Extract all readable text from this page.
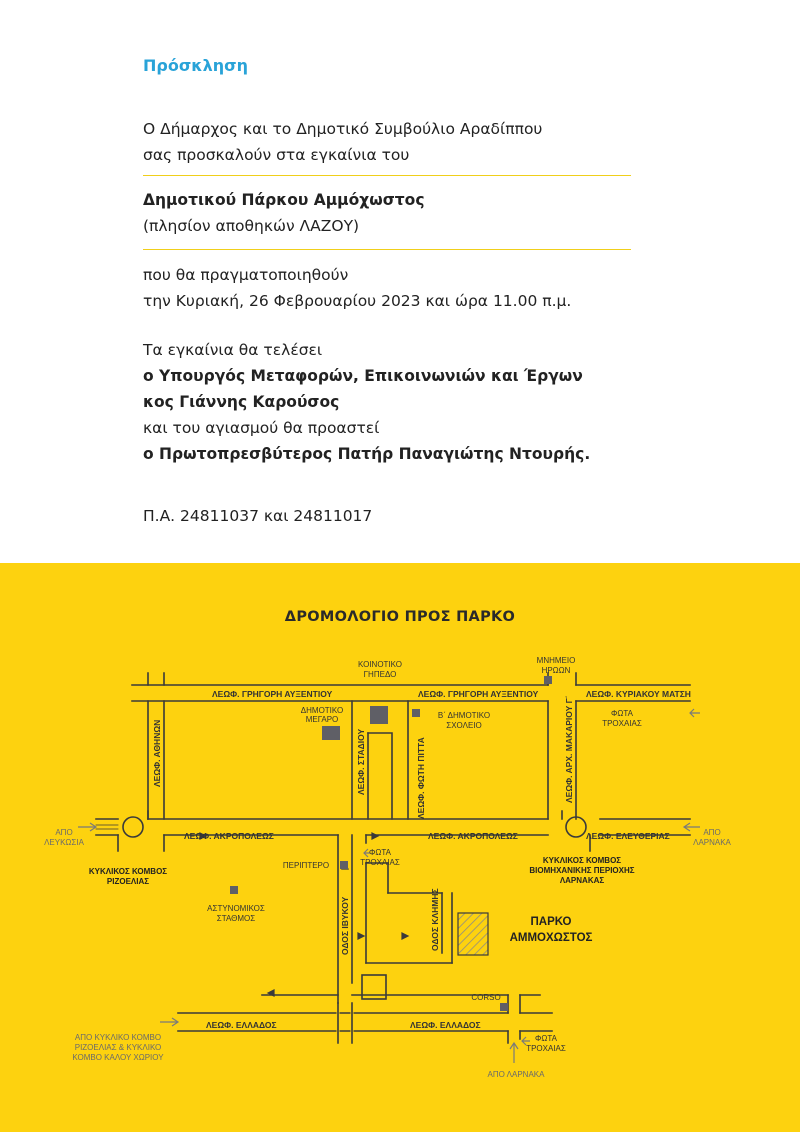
Πρόσκληση

Ο Δήμαρχος και το Δημοτικό Συμβούλιο Αραδίππου

σας προσκαλούν στα εγκαίνια του

Δημοτικού Πάρκου Αμμόχωστος

(πλησίον αποθηκών ΛΑΖΟΥ)

που θα πραγματοποιηθούν

την Κυριακή, 26 Φεβρουαρίου 2023 και ώρα 11.00 π.μ.

Τα εγκαίνια θα τελέσει

ο Υπουργός Μεταφορών, Επικοινωνιών και Έργων

κος Γιάννης Καρούσος

και του αγιασμού θα προαστεί

ο Πρωτοπρεσβύτερος Πατήρ Παναγιώτης Ντουρής.

Π.Α. 24811037 και 24811017

ΔΡΟΜΟΛΟΓΙΟ ΠΡΟΣ ΠΑΡΚΟ
ΛΕΩΦ. ΓΡΗΓΟΡΗ ΑΥΞΕΝΤΙΟΥ	ΛΕΩΦ. ΓΡΗΓΟΡΗ ΑΥΞΕΝΤΙΟΥ	ΛΕΩΦ. ΚΥΡΙΑΚΟΥ ΜΑΤΣΗ
ΛΕΩΦ. ΑΚΡΟΠΟΛΕΩΣ	ΛΕΩΦ. ΑΚΡΟΠΟΛΕΩΣ	ΛΕΩΦ. ΕΛΕΥΘΕΡΙΑΣ
ΛΕΩΦ. ΕΛΛΑΔΟΣ	ΛΕΩΦ. ΕΛΛΑΔΟΣ
ΛΕΩΦ. ΑΘΗΝΩΝ	ΛΕΩΦ. ΣΤΑΔΙΟΥ	ΛΕΩΦ. ΦΩΤΗ ΠΙΤΤΑ	ΛΕΩΦ. ΑΡΧ. ΜΑΚΑΡΙΟΥ Γ΄
ΟΔΟΣ ΙΒΥΚΟΥ	ΟΔΟΣ ΚΛΗΜΗΣ
ΚΟΙΝΟΤΙΚΟ
ΓΗΠΕΔΟ
ΜΝΗΜΕΙΟ
ΗΡΩΩΝ
ΔΗΜΟΤΙΚΟ
ΜΕΓΑΡΟ	Β΄ ΔΗΜΟΤΙΚΟ
ΣΧΟΛΕΙΟ
ΦΩΤΑ
ΤΡΟΧΑΙΑΣ
ΠΕΡΙΠΤΕΡΟ
ΦΩΤΑ
ΤΡΟΧΑΙΑΣ
ΑΣΤΥΝΟΜΙΚΟΣ
ΣΤΑΘΜΟΣ
CORSO
ΦΩΤΑ
ΤΡΟΧΑΙΑΣ
ΚΥΚΛΙΚΟΣ ΚΟΜΒΟΣ
ΡΙΖΟΕΛΙΑΣ
ΚΥΚΛΙΚΟΣ ΚΟΜΒΟΣ
ΒΙΟΜΗΧΑΝΙΚΗΣ ΠΕΡΙΟΧΗΣ
ΛΑΡΝΑΚΑΣ
ΠΑΡΚΟ
ΑΜΜΟΧΩΣΤΟΣ
ΑΠΟ
ΛΕΥΚΩΣΙΑ
ΑΠΟ
ΛΑΡΝΑΚΑ
ΑΠΟ ΚΥΚΛΙΚΟ ΚΟΜΒΟ
ΡΙΖΟΕΛΙΑΣ & ΚΥΚΛΙΚΟ
ΚΟΜΒΟ ΚΑΛΟΥ ΧΩΡΙΟΥ
ΑΠΟ ΛΑΡΝΑΚΑ
